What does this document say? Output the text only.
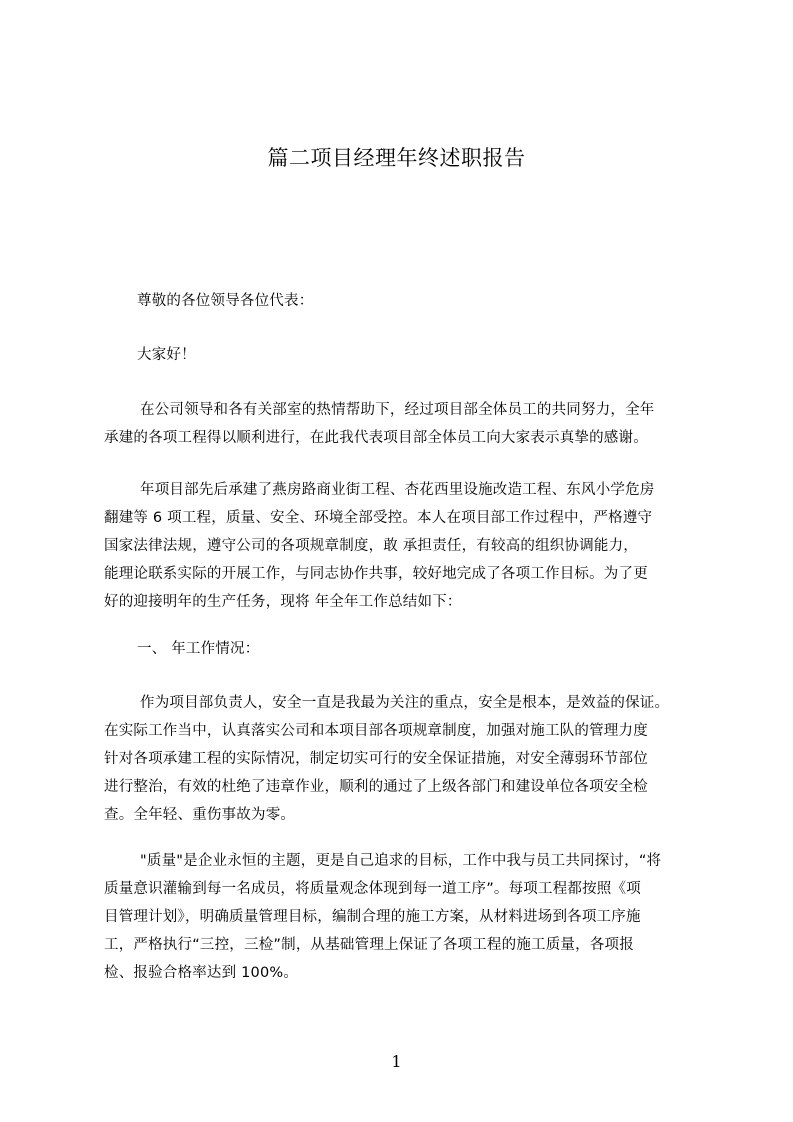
篇二项目经理年终述职报告
尊敬的各位领导各位代表：
大家好！
在公司领导和各有关部室的热情帮助下，经过项目部全体员工的共同努力，全年
承建的各项工程得以顺利进行，在此我代表项目部全体员工向大家表示真挚的感谢。
年项目部先后承建了燕房路商业街工程、杏花西里设施改造工程、东风小学危房
翻建等 6 项工程，质量、安全、环境全部受控。本人在项目部工作过程中，严格遵守
国家法律法规，遵守公司的各项规章制度，敢 承担责任，有较高的组织协调能力，
能理论联系实际的开展工作，与同志协作共事，较好地完成了各项工作目标。为了更
好的迎接明年的生产任务，现将 年全年工作总结如下：
一、 年工作情况：
作为项目部负责人，安全一直是我最为关注的重点，安全是根本，是效益的保证。
在实际工作当中，认真落实公司和本项目部各项规章制度，加强对施工队的管理力度
针对各项承建工程的实际情况，制定切实可行的安全保证措施，对安全薄弱环节部位
进行整治，有效的杜绝了违章作业，顺利的通过了上级各部门和建设单位各项安全检
查。全年轻、重伤事故为零。
"质量"是企业永恒的主题，更是自己追求的目标，工作中我与员工共同探讨，“将
质量意识灌输到每一名成员，将质量观念体现到每一道工序”。每项工程都按照《项
目管理计划》，明确质量管理目标，编制合理的施工方案，从材料进场到各项工序施
工，严格执行“三控，三检”制，从基础管理上保证了各项工程的施工质量，各项报
检、报验合格率达到 100%。
1
